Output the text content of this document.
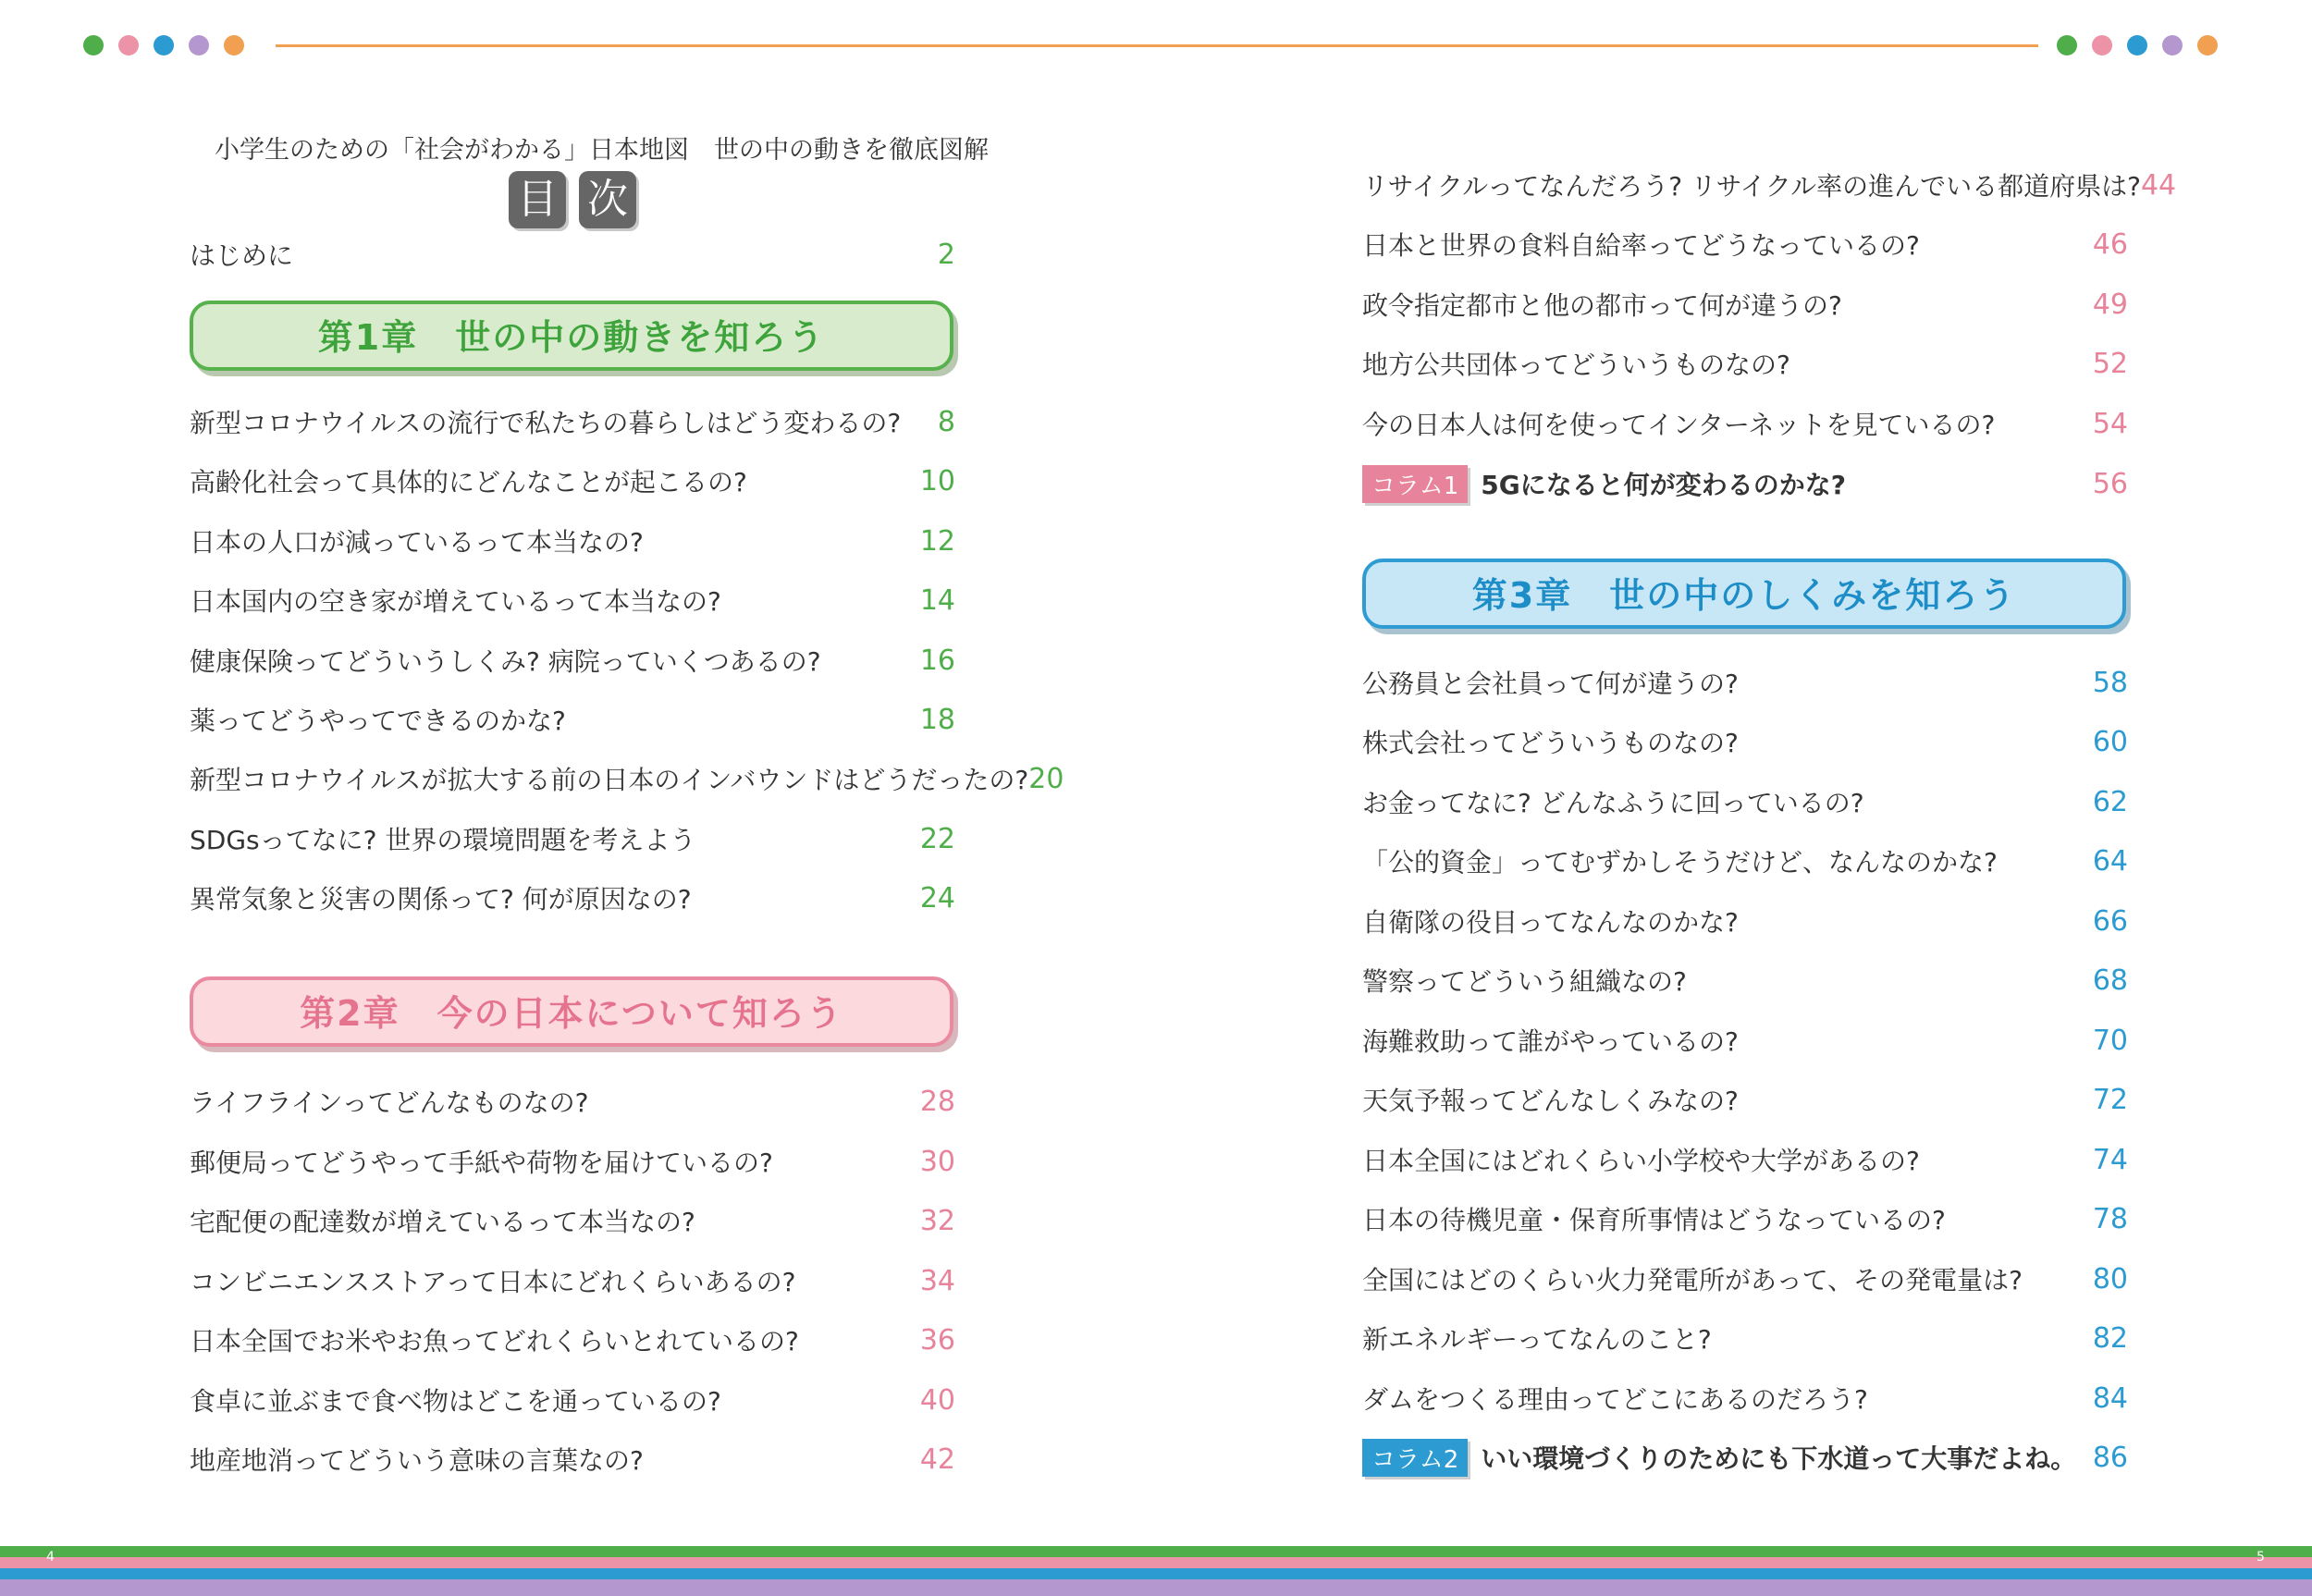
小学生のための「社会がわかる」日本地図　世の中の動きを徹底図解
目 次
はじめに	2
第1章　世の中の動きを知ろう
新型コロナウイルスの流行で私たちの暮らしはどう変わるの? 8
高齢化社会って具体的にどんなことが起こるの?	10
日本の人口が減っているって本当なの?	12
日本国内の空き家が増えているって本当なの?	14
健康保険ってどういうしくみ? 病院っていくつあるの?	16
薬ってどうやってできるのかな?	18
新型コロナウイルスが拡大する前の日本のインバウンドはどうだったの? 20
SDGsってなに? 世界の環境問題を考えよう	22
異常気象と災害の関係って? 何が原因なの?	24
第2章　今の日本について知ろう
ライフラインってどんなものなの?	28
郵便局ってどうやって手紙や荷物を届けているの?	30
宅配便の配達数が増えているって本当なの?	32
コンビニエンスストアって日本にどれくらいあるの?	34
日本全国でお米やお魚ってどれくらいとれているの?	36
食卓に並ぶまで食べ物はどこを通っているの?	40
地産地消ってどういう意味の言葉なの?	42
リサイクルってなんだろう? リサイクル率の進んでいる都道府県は? 44
日本と世界の食料自給率ってどうなっているの?	46
政令指定都市と他の都市って何が違うの?	49
地方公共団体ってどういうものなの?	52
今の日本人は何を使ってインターネットを見ているの?	54
コラム1 5Gになると何が変わるのかな?	56
第3章　世の中のしくみを知ろう
公務員と会社員って何が違うの?	58
株式会社ってどういうものなの?	60
お金ってなに? どんなふうに回っているの?	62
「公的資金」ってむずかしそうだけど、なんなのかな?	64
自衛隊の役目ってなんなのかな?	66
警察ってどういう組織なの?	68
海難救助って誰がやっているの?	70
天気予報ってどんなしくみなの?	72
日本全国にはどれくらい小学校や大学があるの?	74
日本の待機児童・保育所事情はどうなっているの?	78
全国にはどのくらい火力発電所があって、その発電量は?	80
新エネルギーってなんのこと?	82
ダムをつくる理由ってどこにあるのだろう?	84
コラム2 いい環境づくりのためにも下水道って大事だよね。 86
4	5
